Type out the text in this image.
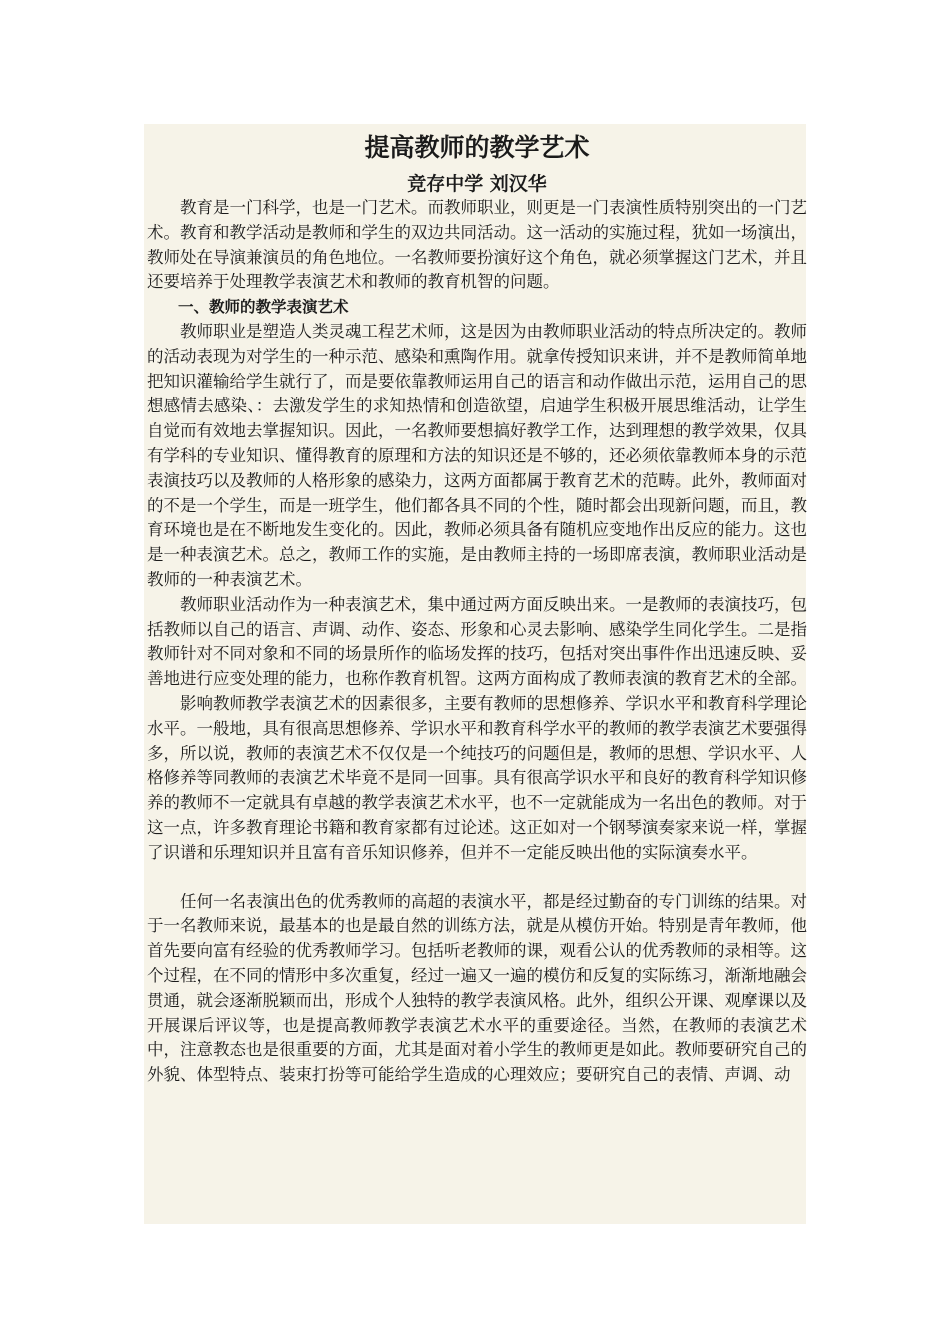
提高教师的教学艺术
竞存中学 刘汉华

教育是一门科学，也是一门艺术。而教师职业，则更是一门表演性质特别突出的一门艺术。教育和教学活动是教师和学生的双边共同活动。这一活动的实施过程，犹如一场演出，教师处在导演兼演员的角色地位。一名教师要扮演好这个角色，就必须掌握这门艺术，并且还要培养于处理教学表演艺术和教师的教育机智的问题。

一、教师的教学表演艺术

教师职业是塑造人类灵魂工程艺术师，这是因为由教师职业活动的特点所决定的。教师的活动表现为对学生的一种示范、感染和熏陶作用。就拿传授知识来讲，并不是教师简单地把知识灌输给学生就行了，而是要依靠教师运用自己的语言和动作做出示范，运用自己的思想感情去感染、：去激发学生的求知热情和创造欲望，启迪学生积极开展思维活动，让学生自觉而有效地去掌握知识。因此，一名教师要想搞好教学工作，达到理想的教学效果，仅具有学科的专业知识、懂得教育的原理和方法的知识还是不够的，还必须依靠教师本身的示范表演技巧以及教师的人格形象的感染力，这两方面都属于教育艺术的范畴。此外，教师面对的不是一个学生，而是一班学生，他们都各具不同的个性，随时都会出现新问题，而且，教育环境也是在不断地发生变化的。因此，教师必须具备有随机应变地作出反应的能力。这也是一种表演艺术。总之，教师工作的实施，是由教师主持的一场即席表演，教师职业活动是教师的一种表演艺术。

教师职业活动作为一种表演艺术，集中通过两方面反映出来。一是教师的表演技巧，包括教师以自己的语言、声调、动作、姿态、形象和心灵去影响、感染学生同化学生。二是指教师针对不同对象和不同的场景所作的临场发挥的技巧，包括对突出事件作出迅速反映、妥善地进行应变处理的能力，也称作教育机智。这两方面构成了教师表演的教育艺术的全部。

影响教师教学表演艺术的因素很多，主要有教师的思想修养、学识水平和教育科学理论水平。一般地，具有很高思想修养、学识水平和教育科学水平的教师的教学表演艺术要强得多，所以说，教师的表演艺术不仅仅是一个纯技巧的问题但是，教师的思想、学识水平、人格修养等同教师的表演艺术毕竟不是同一回事。具有很高学识水平和良好的教育科学知识修养的教师不一定就具有卓越的教学表演艺术水平，也不一定就能成为一名出色的教师。对于这一点，许多教育理论书籍和教育家都有过论述。这正如对一个钢琴演奏家来说一样，掌握了识谱和乐理知识并且富有音乐知识修养，但并不一定能反映出他的实际演奏水平。

任何一名表演出色的优秀教师的高超的表演水平，都是经过勤奋的专门训练的结果。对于一名教师来说，最基本的也是最自然的训练方法，就是从模仿开始。特别是青年教师，他首先要向富有经验的优秀教师学习。包括听老教师的课，观看公认的优秀教师的录相等。这个过程，在不同的情形中多次重复，经过一遍又一遍的模仿和反复的实际练习，渐渐地融会贯通，就会逐渐脱颖而出，形成个人独特的教学表演风格。此外，组织公开课、观摩课以及开展课后评议等，也是提高教师教学表演艺术水平的重要途径。当然，在教师的表演艺术中，注意教态也是很重要的方面，尤其是面对着小学生的教师更是如此。教师要研究自己的外貌、体型特点、装束打扮等可能给学生造成的心理效应；要研究自己的表情、声调、动
